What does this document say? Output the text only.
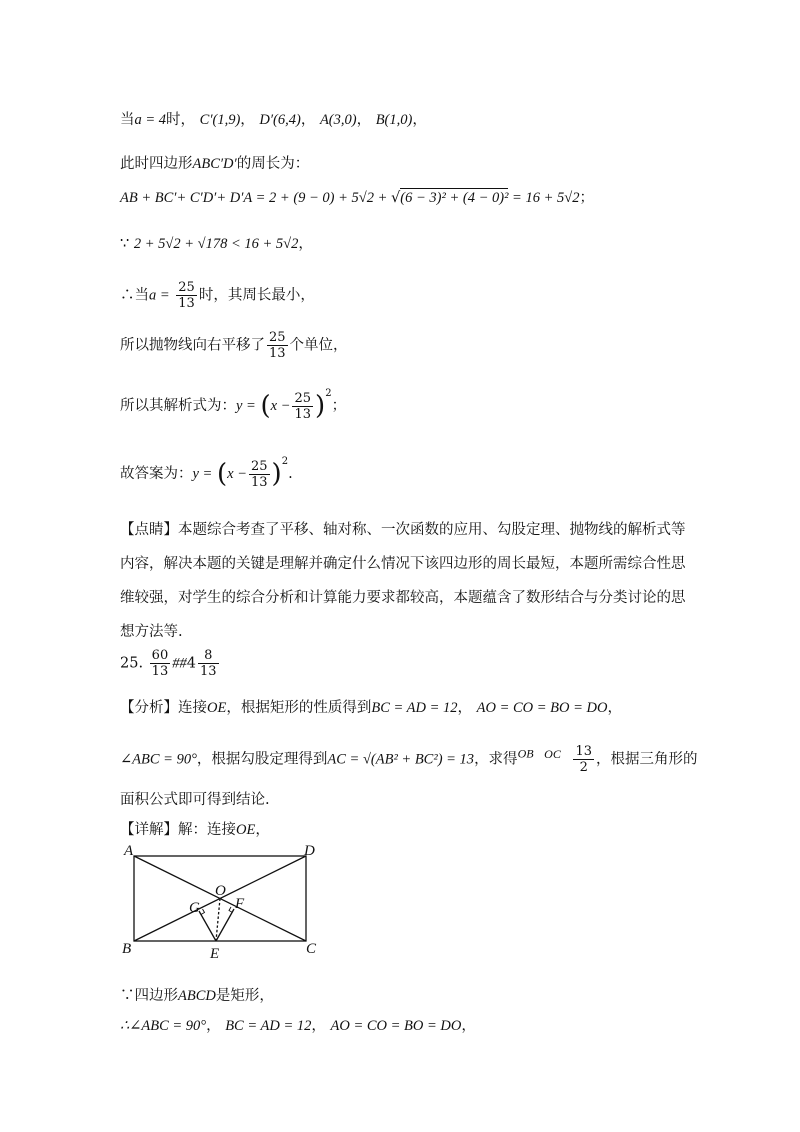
当a = 4时， C′(1,9)， D′(6,4)， A(3,0)， B(1,0)，
此时四边形ABC′D′的周长为：
AB + BC′+ C′D′+ D′A = 2 + (9 − 0) + 5√2 + √(6 − 3)² + (4 − 0)² = 16 + 5√2；
∵ 2 + 5√2 + √178 < 16 + 5√2，
∴当$a = \frac{25}{13}$ 时，其周长最小，
所以抛物线向右平移了 $\frac{25}{13}$ 个单位，
所以其解析式为：$y = (x - \frac{25}{13} )^2$；
故答案为：$y = (x - \frac{25}{13} )^2$.
【点睛】本题综合考查了平移、轴对称、一次函数的应用、勾股定理、抛物线的解析式等
内容，解决本题的关键是理解并确定什么情况下该四边形的周长最短，本题所需综合性思
维较强，对学生的综合分析和计算能力要求都较高，本题蕴含了数形结合与分类讨论的思
想方法等.
25. $\frac{60}{13}$ ##4 $\frac{8}{13}$
【分析】连接OE，根据矩形的性质得到BC = AD = 12， AO = CO = BO = DO，
∠ABC = 90°，根据勾股定理得到AC = √(AB² + BC²) = 13，求得$^{OB}$ $^{OC} \frac{13}{2}$ ，根据三角形的
面积公式即可得到结论.
【详解】解：连接OE，
A	D
O
G F
B	E	C
∵四边形ABCD是矩形，
∴∠ABC = 90°， BC = AD = 12， AO = CO = BO = DO，
